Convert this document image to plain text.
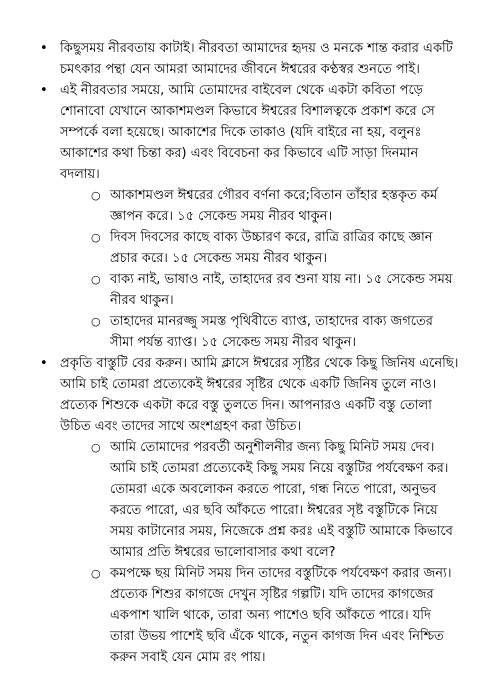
• কিছুসময় নীরবতায় কাটাই। নীরবতা আমাদের হৃদয় ও মনকে শান্ত করার একটি চমৎকার পন্থা যেন আমরা আমাদের জীবনে ঈশ্বরের কণ্ঠস্বর শুনতে পাই।
• এই নীরবতার সময়ে, আমি তোমাদের বাইবেল থেকে একটা কবিতা পড়ে শোনাবো যেখানে আকাশমণ্ডল কিভাবে ঈশ্বরের বিশালত্বকে প্রকাশ করে সে সম্পর্কে বলা হয়েছে। আকাশের দিকে তাকাও (যদি বাইরে না হয়, বলুনঃ আকাশের কথা চিন্তা কর) এবং বিবেচনা কর কিভাবে এটি সাড়া দিনমান বদলায়।
○ আকাশমণ্ডল ঈশ্বরের গৌরব বর্ণনা করে;বিতান তাঁহার হস্তকৃত কর্ম জ্ঞাপন করে। ১৫ সেকেন্ড সময় নীরব থাকুন।
○ দিবস দিবসের কাছে বাক্য উচ্চারণ করে, রাত্রি রাত্রির কাছে জ্ঞান প্রচার করে। ১৫ সেকেন্ড সময় নীরব থাকুন।
○ বাক্য নাই, ভাষাও নাই, তাহাদের রব শুনা যায় না। ১৫ সেকেন্ড সময় নীরব থাকুন।
○ তাহাদের মানরজ্জু সমস্ত পৃথিবীতে ব্যাপ্ত, তাহাদের বাক্য জগতের সীমা পর্যন্ত ব্যাপ্ত। ১৫ সেকেন্ড সময় নীরব থাকুন।
• প্রকৃতি বাস্তুটি বের করুন। আমি ক্লাসে ঈশ্বরের সৃষ্টির থেকে কিছু জিনিষ এনেছি। আমি চাই তোমরা প্রত্যেকেই ঈশ্বরের সৃষ্টির থেকে একটি জিনিষ তুলে নাও। প্রত্যেক শিশুকে একটা করে বস্তু তুলতে দিন। আপনারও একটি বস্তু তোলা উচিত এবং তাদের সাথে অংশগ্রহণ করা উচিত।
○ আমি তোমাদের পরবর্তী অনুশীলনীর জন্য কিছু মিনিট সময় দেব। আমি চাই তোমরা প্রত্যেকেই কিছু সময় নিয়ে বস্তুটির পর্যবেক্ষণ কর। তোমরা একে অবলোকন করতে পারো, গন্ধ নিতে পারো, অনুভব করতে পারো, এর ছবি আঁকতে পারো। ঈশ্বরের সৃষ্ট বস্তুটিকে নিয়ে সময় কাটানোর সময়, নিজেকে প্রশ্ন করঃ এই বস্তুটি আমাকে কিভাবে আমার প্রতি ঈশ্বরের ভালোবাসার কথা বলে?
○ কমপক্ষে ছয় মিনিট সময় দিন তাদের বস্তুটিকে পর্যবেক্ষণ করার জন্য। প্রত্যেক শিশুর কাগজে দেখুন সৃষ্টির গল্পটি। যদি তাদের কাগজের একপাশ খালি থাকে, তারা অন্য পাশেও ছবি আঁকতে পারে। যদি তারা উভয় পাশেই ছবি এঁকে থাকে, নতুন কাগজ দিন এবং নিশ্চিত করুন সবাই যেন মোম রং পায়।
